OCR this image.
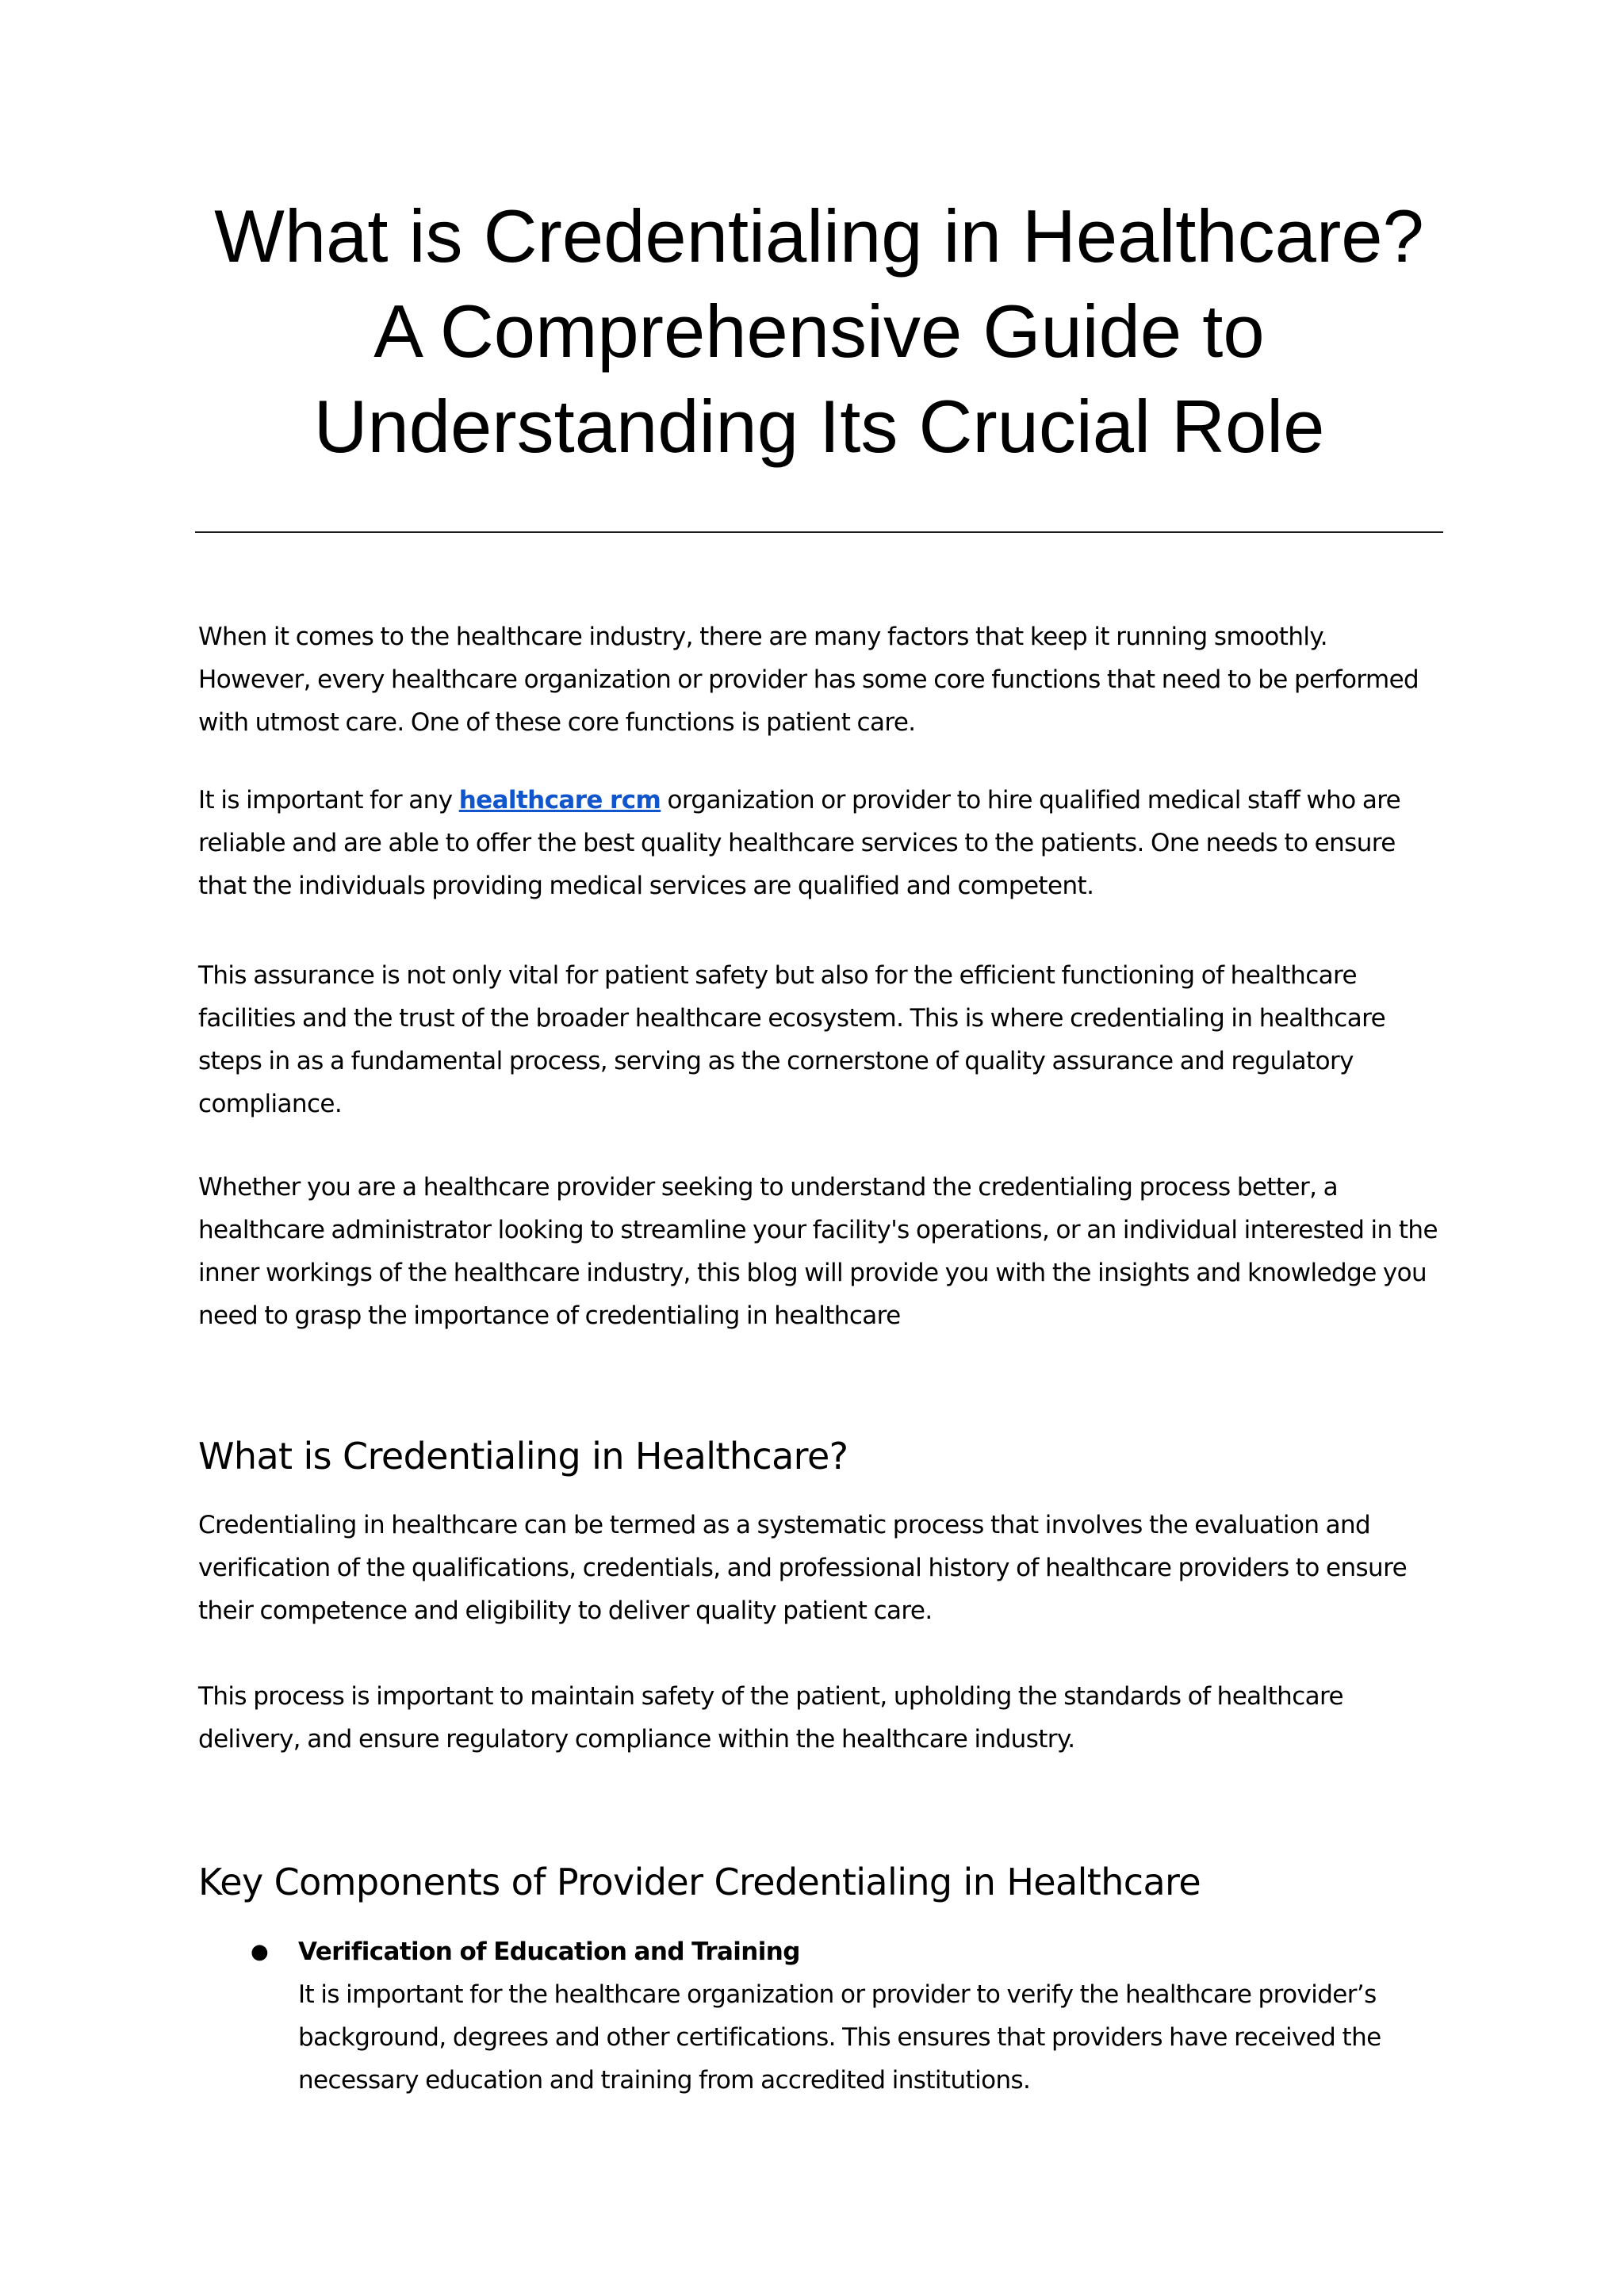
What is Credentialing in Healthcare? A Comprehensive Guide to Understanding Its Crucial Role

When it comes to the healthcare industry, there are many factors that keep it running smoothly. However, every healthcare organization or provider has some core functions that need to be performed with utmost care. One of these core functions is patient care.

It is important for any healthcare rcm organization or provider to hire qualified medical staff who are reliable and are able to offer the best quality healthcare services to the patients. One needs to ensure that the individuals providing medical services are qualified and competent.

This assurance is not only vital for patient safety but also for the efficient functioning of healthcare facilities and the trust of the broader healthcare ecosystem. This is where credentialing in healthcare steps in as a fundamental process, serving as the cornerstone of quality assurance and regulatory compliance.

Whether you are a healthcare provider seeking to understand the credentialing process better, a healthcare administrator looking to streamline your facility's operations, or an individual interested in the inner workings of the healthcare industry, this blog will provide you with the insights and knowledge you need to grasp the importance of credentialing in healthcare

What is Credentialing in Healthcare?

Credentialing in healthcare can be termed as a systematic process that involves the evaluation and verification of the qualifications, credentials, and professional history of healthcare providers to ensure their competence and eligibility to deliver quality patient care.

This process is important to maintain safety of the patient, upholding the standards of healthcare delivery, and ensure regulatory compliance within the healthcare industry.

Key Components of Provider Credentialing in Healthcare
● Verification of Education and Training
It is important for the healthcare organization or provider to verify the healthcare provider’s background, degrees and other certifications. This ensures that providers have received the necessary education and training from accredited institutions.
